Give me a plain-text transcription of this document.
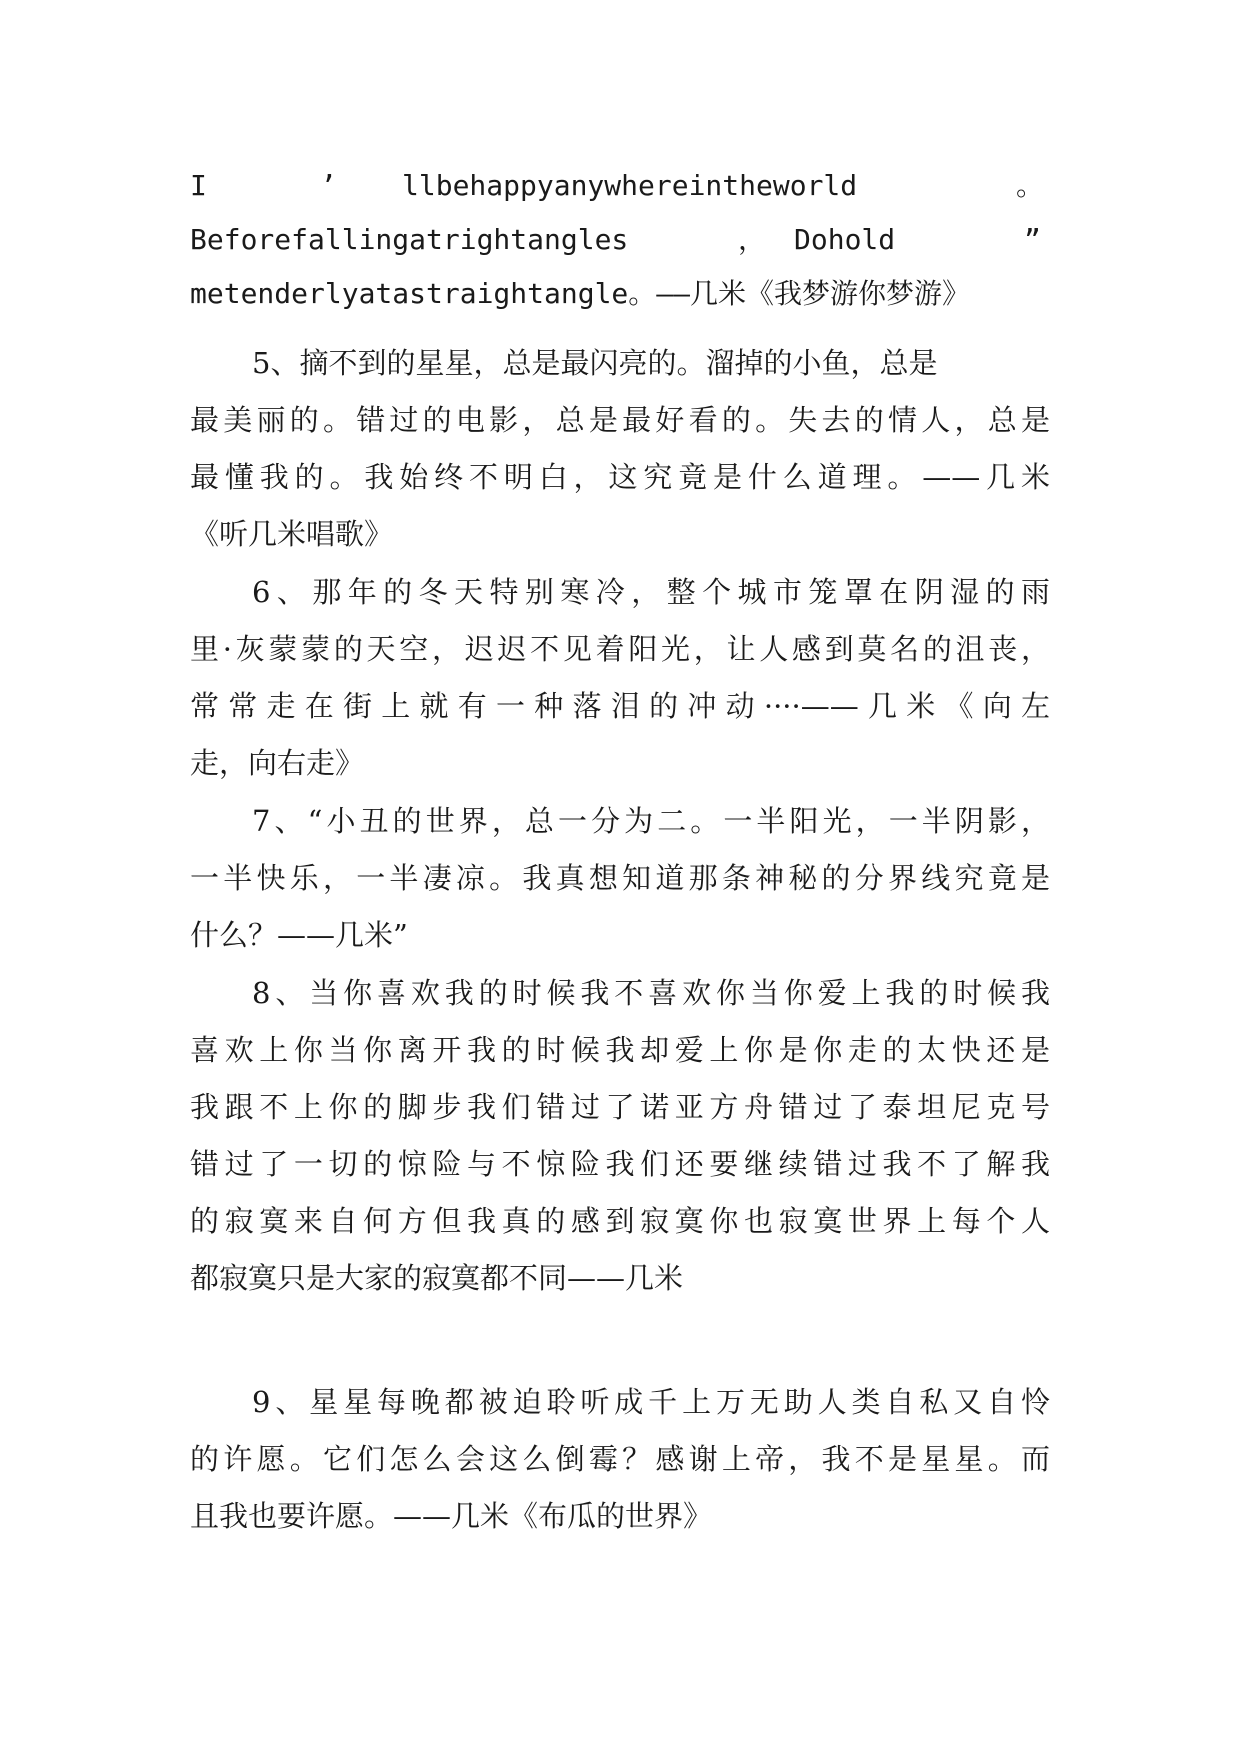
I	’ llbehappyanywhereintheworld	。
Beforefallingatrightangles	， Dohold	”
metenderlyatastraightangle。——几米《我梦游你梦游》
5、摘不到的星星，总是最闪亮的。溜掉的小鱼，总是
最美丽的。错过的电影，总是最好看的。失去的情人，总是
最懂我的。我始终不明白，这究竟是什么道理。——几米
《听几米唱歌》
6、那年的冬天特别寒冷，整个城市笼罩在阴湿的雨
里·灰蒙蒙的天空，迟迟不见着阳光，让人感到莫名的沮丧，
常常走在街上就有一种落泪的冲动····——几米《向左
走，向右走》
7、“小丑的世界，总一分为二。一半阳光，一半阴影，
一半快乐，一半凄凉。我真想知道那条神秘的分界线究竟是
什么？——几米”
8、当你喜欢我的时候我不喜欢你当你爱上我的时候我
喜欢上你当你离开我的时候我却爱上你是你走的太快还是
我跟不上你的脚步我们错过了诺亚方舟错过了泰坦尼克号
错过了一切的惊险与不惊险我们还要继续错过我不了解我
的寂寞来自何方但我真的感到寂寞你也寂寞世界上每个人
都寂寞只是大家的寂寞都不同——几米
9、星星每晚都被迫聆听成千上万无助人类自私又自怜
的许愿。它们怎么会这么倒霉？感谢上帝，我不是星星。而
且我也要许愿。——几米《布瓜的世界》
